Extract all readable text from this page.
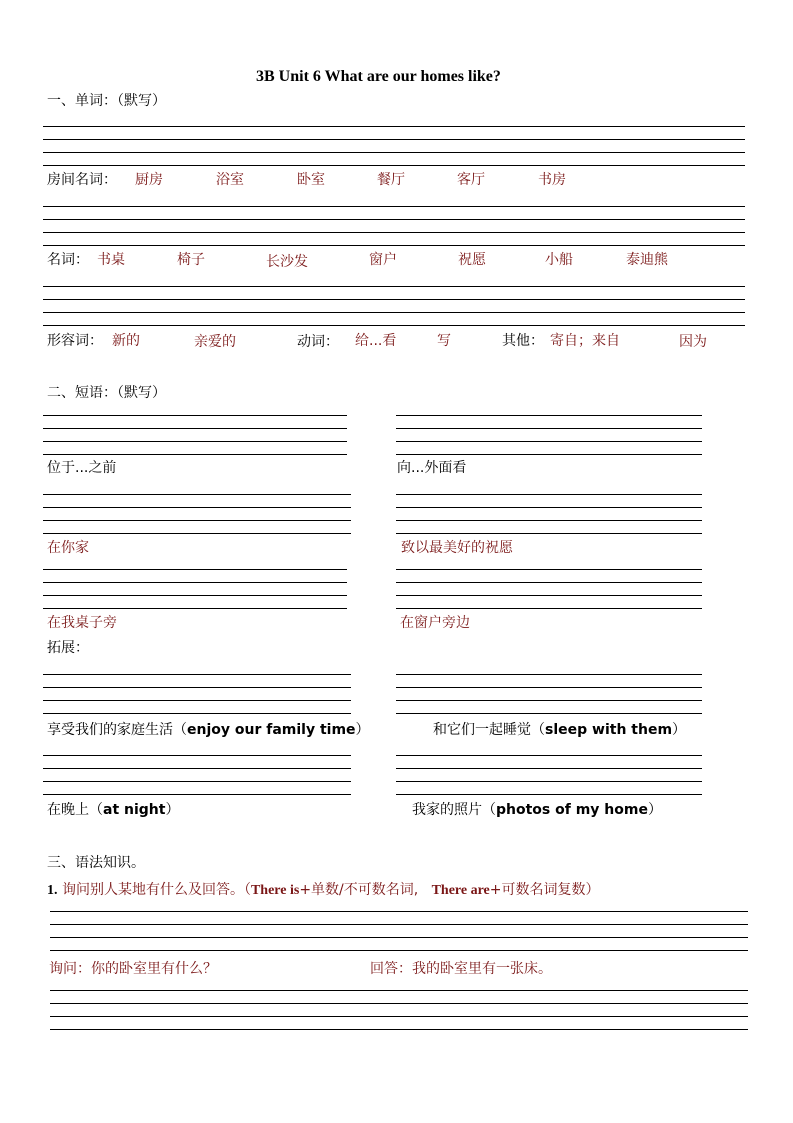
3B Unit 6 What are our homes like?
一、单词：（默写）
房间名词： 厨房	浴室	卧室	餐厅	客厅	书房
名词： 书桌	椅子	长沙发	窗户	祝愿	小船	泰迪熊
形容词： 新的	亲爱的	动词： 给...看	写	其他： 寄自；来自	因为
二、短语：（默写）
位于...之前	向...外面看
在你家	致以最美好的祝愿
在我桌子旁	在窗户旁边
拓展：
享受我们的家庭生活（enjoy our family time）	和它们一起睡觉（sleep with them）
在晚上（at night）	我家的照片（photos of my home）
三、语法知识。
1. 询问别人某地有什么及回答。（There is+单数/不可数名词, There are+可数名词复数）
询问：你的卧室里有什么？	回答：我的卧室里有一张床。
